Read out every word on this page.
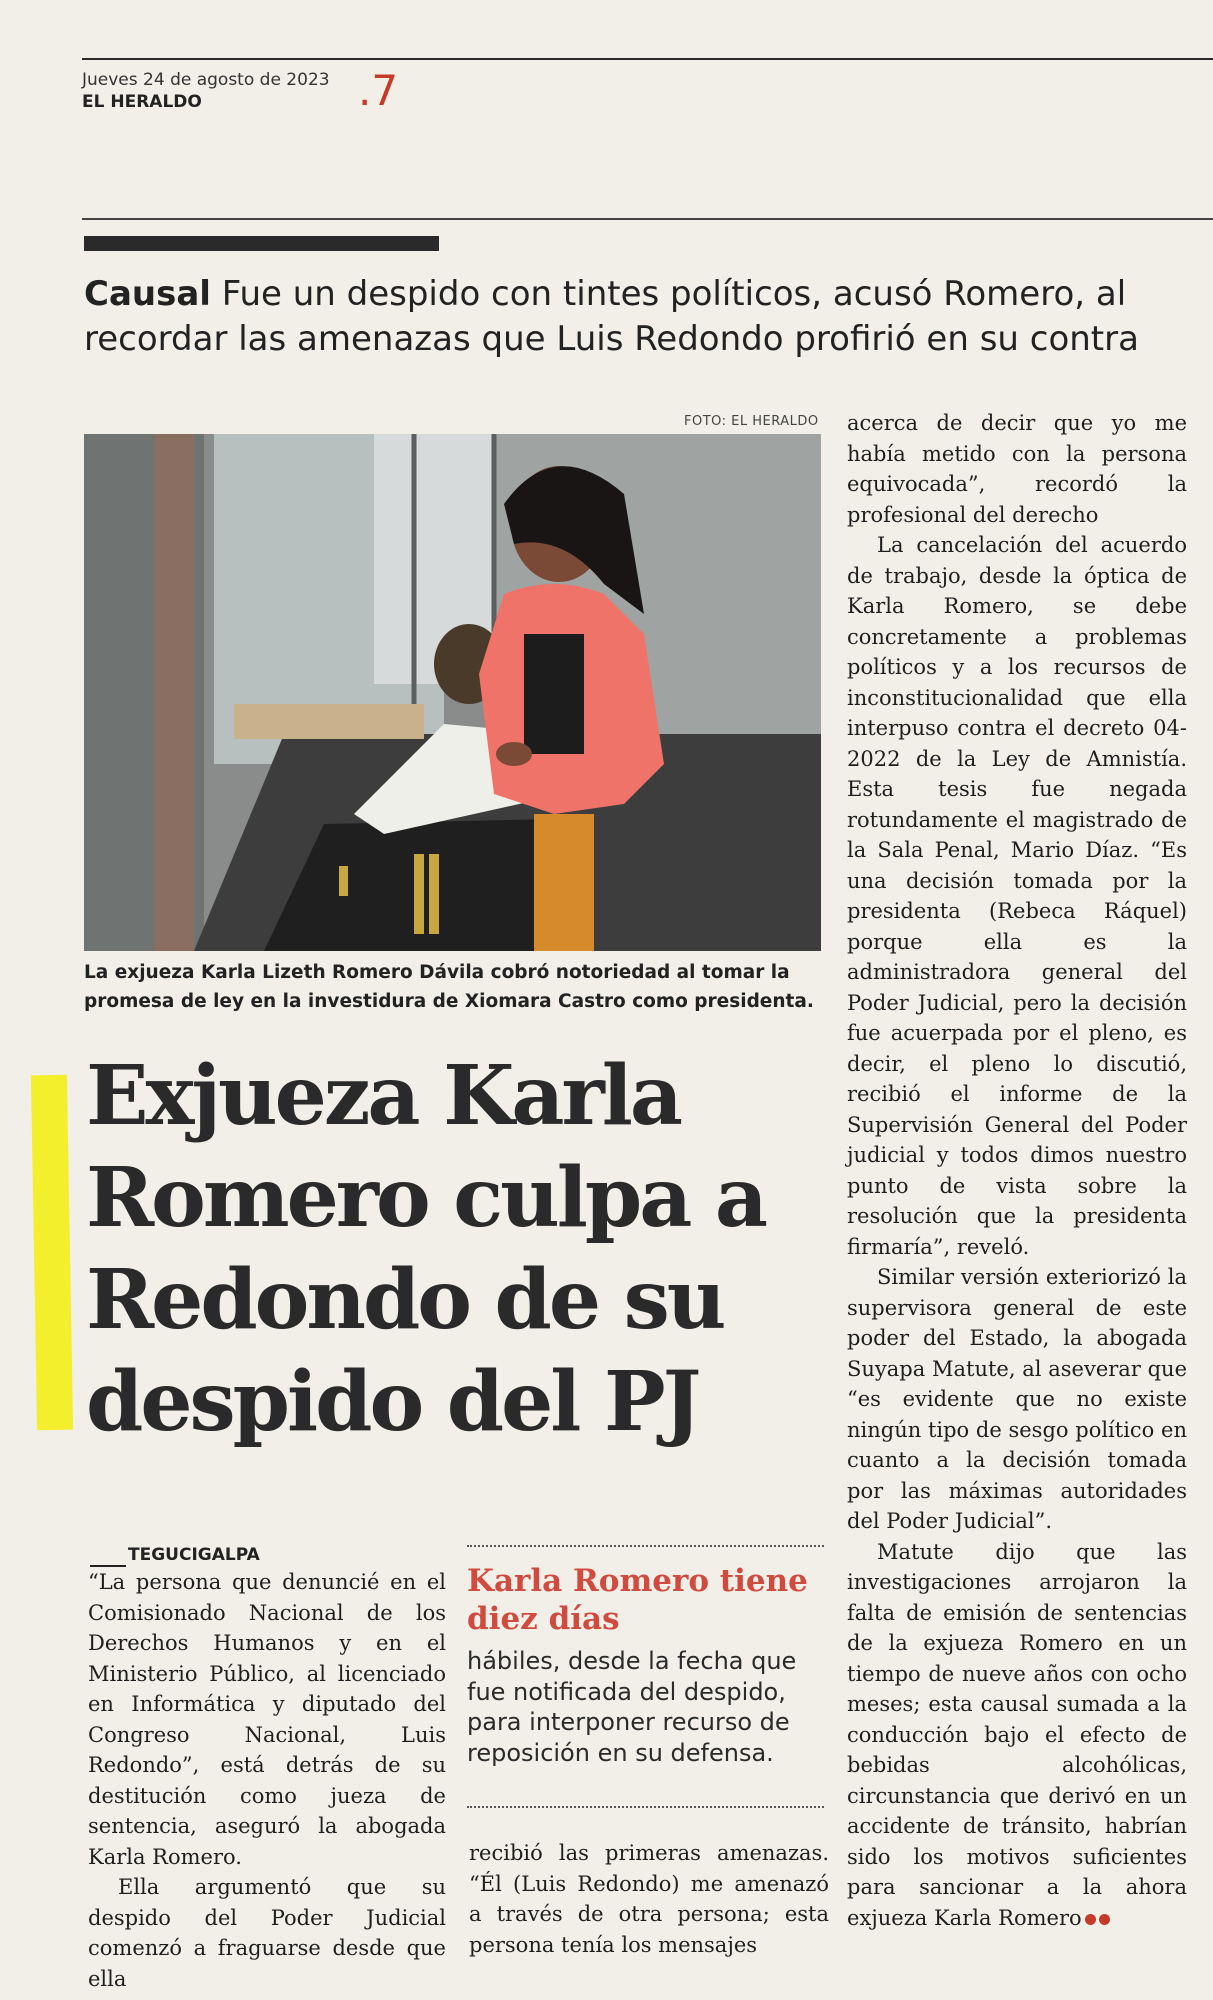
Jueves 24 de agosto de 2023
EL HERALDO	.7
Causal Fue un despido con tintes políticos, acusó Romero, al recordar las amenazas que Luis Redondo profirió en su contra
FOTO: EL HERALDO
La exjueza Karla Lizeth Romero Dávila cobró notoriedad al tomar la promesa de ley en la investidura de Xiomara Castro como presidenta.
Exjueza Karla
Romero culpa a
Redondo de su
despido del PJ
TEGUCIGALPA

“La persona que denuncié en el Comisionado Nacional de los Derechos Humanos y en el Ministerio Público, al licenciado en Informática y diputado del Congreso Nacional, Luis Redondo”, está detrás de su destitución como jueza de sentencia, aseguró la abogada Karla Romero.

Ella argumentó que su despido del Poder Judicial comenzó a fraguarse desde que ella

Karla Romero tiene diez días
hábiles, desde la fecha que fue notificada del despido, para interponer recurso de reposición en su defensa.

recibió las primeras amenazas. “Él (Luis Redondo) me amenazó a través de otra persona; esta persona tenía los mensajes

acerca de decir que yo me había metido con la persona equivocada”, recordó la profesional del derecho

La cancelación del acuerdo de trabajo, desde la óptica de Karla Romero, se debe concretamente a problemas políticos y a los recursos de inconstitucionalidad que ella interpuso contra el decreto 04-2022 de la Ley de Amnistía. Esta tesis fue negada rotundamente el magistrado de la Sala Penal, Mario Díaz. “Es una decisión tomada por la presidenta (Rebeca Ráquel) porque ella es la administradora general del Poder Judicial, pero la decisión fue acuerpada por el pleno, es decir, el pleno lo discutió, recibió el informe de la Supervisión General del Poder judicial y todos dimos nuestro punto de vista sobre la resolución que la presidenta firmaría”, reveló.

Similar versión exteriorizó la supervisora general de este poder del Estado, la abogada Suyapa Matute, al aseverar que “es evidente que no existe ningún tipo de sesgo político en cuanto a la decisión tomada por las máximas autoridades del Poder Judicial”.

Matute dijo que las investigaciones arrojaron la falta de emisión de sentencias de la exjueza Romero en un tiempo de nueve años con ocho meses; esta causal sumada a la conducción bajo el efecto de bebidas alcohólicas, circunstancia que derivó en un accidente de tránsito, habrían sido los motivos suficientes para sancionar a la ahora exjueza Karla Romero
